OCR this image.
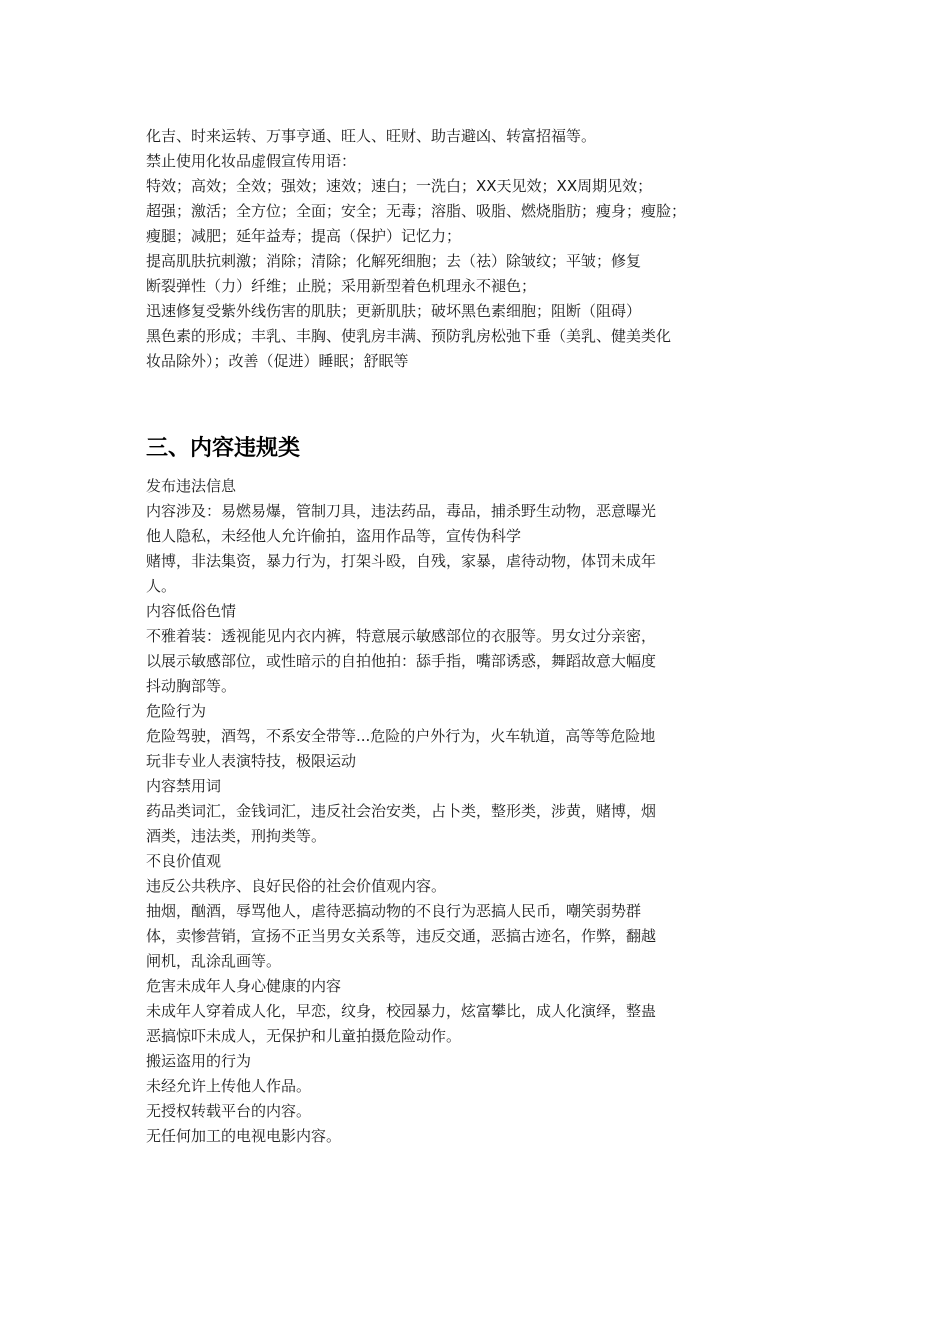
化吉、时来运转、万事亨通、旺人、旺财、助吉避凶、转富招福等。
禁止使用化妆品虚假宣传用语：
特效；高效；全效；强效；速效；速白；一洗白；XX天见效；XX周期见效；
超强；激活；全方位；全面；安全；无毒；溶脂、吸脂、燃烧脂肪；瘦身；瘦脸；
瘦腿；减肥；延年益寿；提高（保护）记忆力；
提高肌肤抗刺激；消除；清除；化解死细胞；去（祛）除皱纹；平皱；修复
断裂弹性（力）纤维；止脱；采用新型着色机理永不褪色；
迅速修复受紫外线伤害的肌肤；更新肌肤；破坏黑色素细胞；阻断（阻碍）
黑色素的形成；丰乳、丰胸、使乳房丰满、预防乳房松弛下垂（美乳、健美类化
妆品除外）；改善（促进）睡眠；舒眠等
三、内容违规类
发布违法信息
内容涉及：易燃易爆，管制刀具，违法药品，毒品，捕杀野生动物，恶意曝光
他人隐私，未经他人允许偷拍，盗用作品等，宣传伪科学
赌博，非法集资，暴力行为，打架斗殴，自残，家暴，虐待动物，体罚未成年
人。
内容低俗色情
不雅着装：透视能见内衣内裤，特意展示敏感部位的衣服等。男女过分亲密，
以展示敏感部位，或性暗示的自拍他拍：舔手指，嘴部诱惑，舞蹈故意大幅度
抖动胸部等。
危险行为
危险驾驶，酒驾，不系安全带等...危险的户外行为，火车轨道，高等等危险地
玩非专业人表演特技，极限运动
内容禁用词
药品类词汇，金钱词汇，违反社会治安类，占卜类，整形类，涉黄，赌博，烟
酒类，违法类，刑拘类等。
不良价值观
违反公共秩序、良好民俗的社会价值观内容。
抽烟，酗酒，辱骂他人，虐待恶搞动物的不良行为恶搞人民币，嘲笑弱势群
体，卖惨营销，宣扬不正当男女关系等，违反交通，恶搞古迹名，作弊，翻越
闸机，乱涂乱画等。
危害未成年人身心健康的内容
未成年人穿着成人化，早恋，纹身，校园暴力，炫富攀比，成人化演绎，整蛊
恶搞惊吓未成人，无保护和儿童拍摄危险动作。
搬运盗用的行为
未经允许上传他人作品。
无授权转载平台的内容。
无任何加工的电视电影内容。
